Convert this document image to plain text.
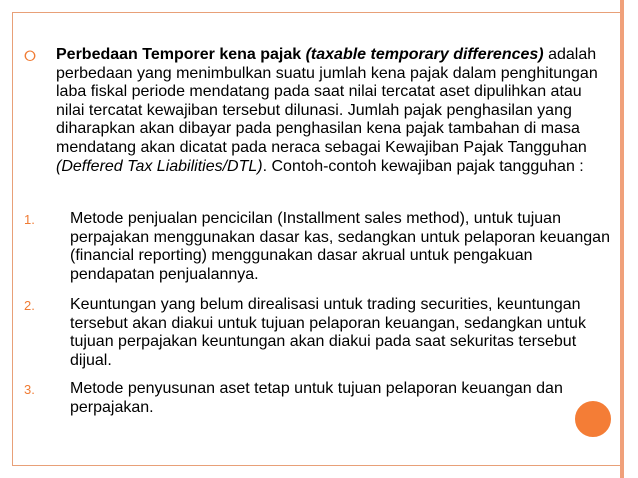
⭘	Perbedaan Temporer kena pajak (taxable temporary differences) adalah perbedaan yang menimbulkan suatu jumlah kena pajak dalam penghitungan laba fiskal periode mendatang pada saat nilai tercatat aset dipulihkan atau nilai tercatat kewajiban tersebut dilunasi. Jumlah pajak penghasilan yang diharapkan akan dibayar pada penghasilan kena pajak tambahan di masa mendatang akan dicatat pada neraca sebagai Kewajiban Pajak Tangguhan (Deffered Tax Liabilities/DTL). Contoh-contoh kewajiban pajak tangguhan :

1. Metode penjualan pencicilan (Installment sales method), untuk tujuan perpajakan menggunakan dasar kas, sedangkan untuk pelaporan keuangan (financial reporting) menggunakan dasar akrual untuk pengakuan pendapatan penjualannya.

2. Keuntungan yang belum direalisasi untuk trading securities, keuntungan tersebut akan diakui untuk tujuan pelaporan keuangan, sedangkan untuk tujuan perpajakan keuntungan akan diakui pada saat sekuritas tersebut dijual.

3. Metode penyusunan aset tetap untuk tujuan pelaporan keuangan dan perpajakan.
